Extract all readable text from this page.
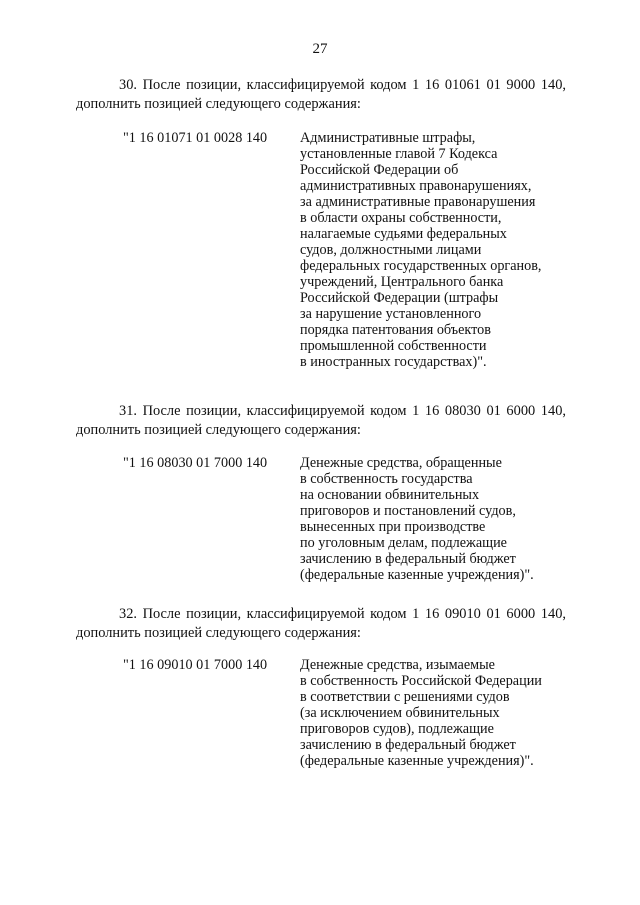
27
30. После позиции, классифицируемой кодом 1 16 01061 01 9000 140,
дополнить позицией следующего содержания:
"1 16 01071 01 0028 140 Административные штрафы,
установленные главой 7 Кодекса
Российской Федерации об
административных правонарушениях,
за административные правонарушения
в области охраны собственности,
налагаемые судьями федеральных
судов, должностными лицами
федеральных государственных органов,
учреждений, Центрального банка
Российской Федерации (штрафы
за нарушение установленного
порядка патентования объектов
промышленной собственности
в иностранных государствах)".
31. После позиции, классифицируемой кодом 1 16 08030 01 6000 140,
дополнить позицией следующего содержания:
"1 16 08030 01 7000 140 Денежные средства, обращенные
в собственность государства
на основании обвинительных
приговоров и постановлений судов,
вынесенных при производстве
по уголовным делам, подлежащие
зачислению в федеральный бюджет
(федеральные казенные учреждения)".
32. После позиции, классифицируемой кодом 1 16 09010 01 6000 140,
дополнить позицией следующего содержания:
"1 16 09010 01 7000 140 Денежные средства, изымаемые
в собственность Российской Федерации
в соответствии с решениями судов
(за исключением обвинительных
приговоров судов), подлежащие
зачислению в федеральный бюджет
(федеральные казенные учреждения)".
